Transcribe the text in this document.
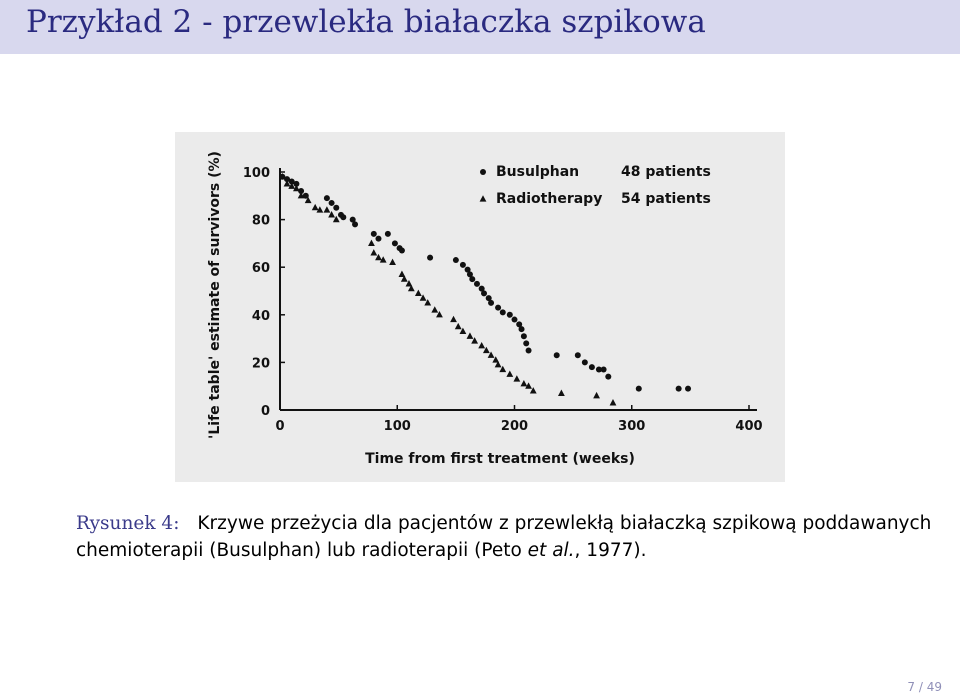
Przykład 2 - przewlekła białaczka szpikowa
0	100	200	300	400
0
20
40
60
80
100
Time from first treatment (weeks)
'Life table' estimate of survivors (%)	Busulphan	48 patients
Radiotherapy 54 patients
Rysunek 4: Krzywe przeżycia dla pacjentów z przewlekłą białaczką szpikową poddawanych chemioterapii (Busulphan) lub radioterapii (Peto et al., 1977).
7 / 49
